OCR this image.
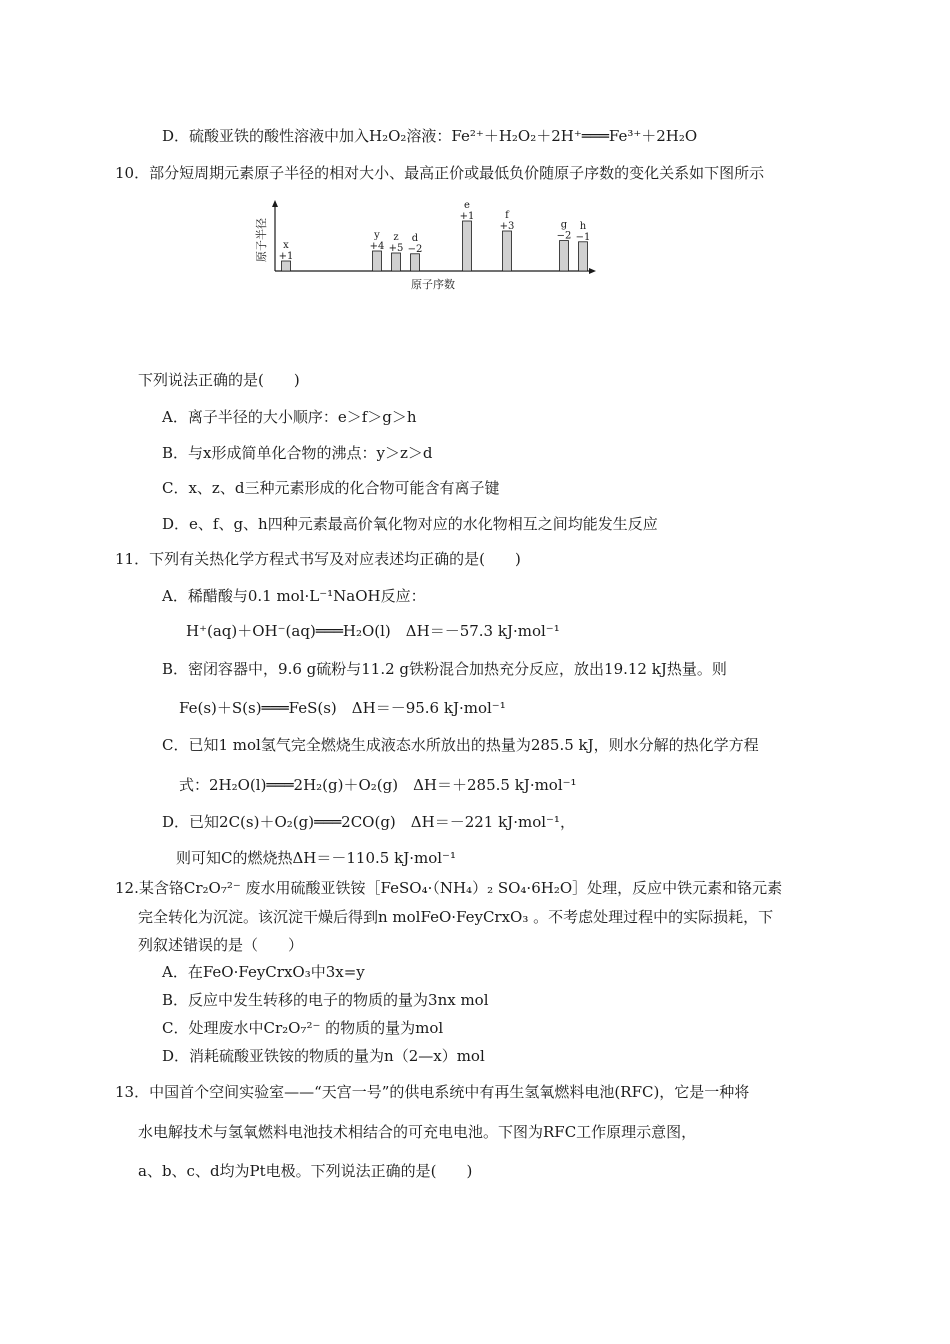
D．硫酸亚铁的酸性溶液中加入H₂O₂溶液：Fe²⁺＋H₂O₂＋2H⁺═══Fe³⁺＋2H₂O
10．部分短周期元素原子半径的相对大小、最高正价或最低负价随原子序数的变化关系如下图所示
原子半径
原子序数
+1
x	+4
y
+5
z
−2
d
+1
e
+3
f
−2
g
−1
h
下列说法正确的是(　　)
A．离子半径的大小顺序：e＞f＞g＞h
B．与x形成简单化合物的沸点：y＞z＞d
C．x、z、d三种元素形成的化合物可能含有离子键
D．e、f、g、h四种元素最高价氧化物对应的水化物相互之间均能发生反应
11．下列有关热化学方程式书写及对应表述均正确的是(　　)
A．稀醋酸与0.1 mol·L⁻¹NaOH反应：
H⁺(aq)＋OH⁻(aq)═══H₂O(l)　ΔH＝－57.3 kJ·mol⁻¹
B．密闭容器中，9.6 g硫粉与11.2 g铁粉混合加热充分反应，放出19.12 kJ热量。则
Fe(s)＋S(s)═══FeS(s)　ΔH＝－95.6 kJ·mol⁻¹
C．已知1 mol氢气完全燃烧生成液态水所放出的热量为285.5 kJ，则水分解的热化学方程
式：2H₂O(l)═══2H₂(g)＋O₂(g)　ΔH＝＋285.5 kJ·mol⁻¹
D．已知2C(s)＋O₂(g)═══2CO(g)　ΔH＝－221 kJ·mol⁻¹，
则可知C的燃烧热ΔH＝－110.5 kJ·mol⁻¹
12.某含铬Cr₂O₇²⁻ 废水用硫酸亚铁铵［FeSO₄·（NH₄）₂ SO₄·6H₂O］处理，反应中铁元素和铬元素
完全转化为沉淀。该沉淀干燥后得到n molFeO·FeyCrxO₃ 。不考虑处理过程中的实际损耗，下
列叙述错误的是（　　）
A．在FeO·FeyCrxO₃中3x=y
B．反应中发生转移的电子的物质的量为3nx mol
C．处理废水中Cr₂O₇²⁻ 的物质的量为mol
D．消耗硫酸亚铁铵的物质的量为n（2—x）mol
13．中国首个空间实验室——“天宫一号”的供电系统中有再生氢氧燃料电池(RFC)，它是一种将
水电解技术与氢氧燃料电池技术相结合的可充电电池。下图为RFC工作原理示意图，
a、b、c、d均为Pt电极。下列说法正确的是(　　)
